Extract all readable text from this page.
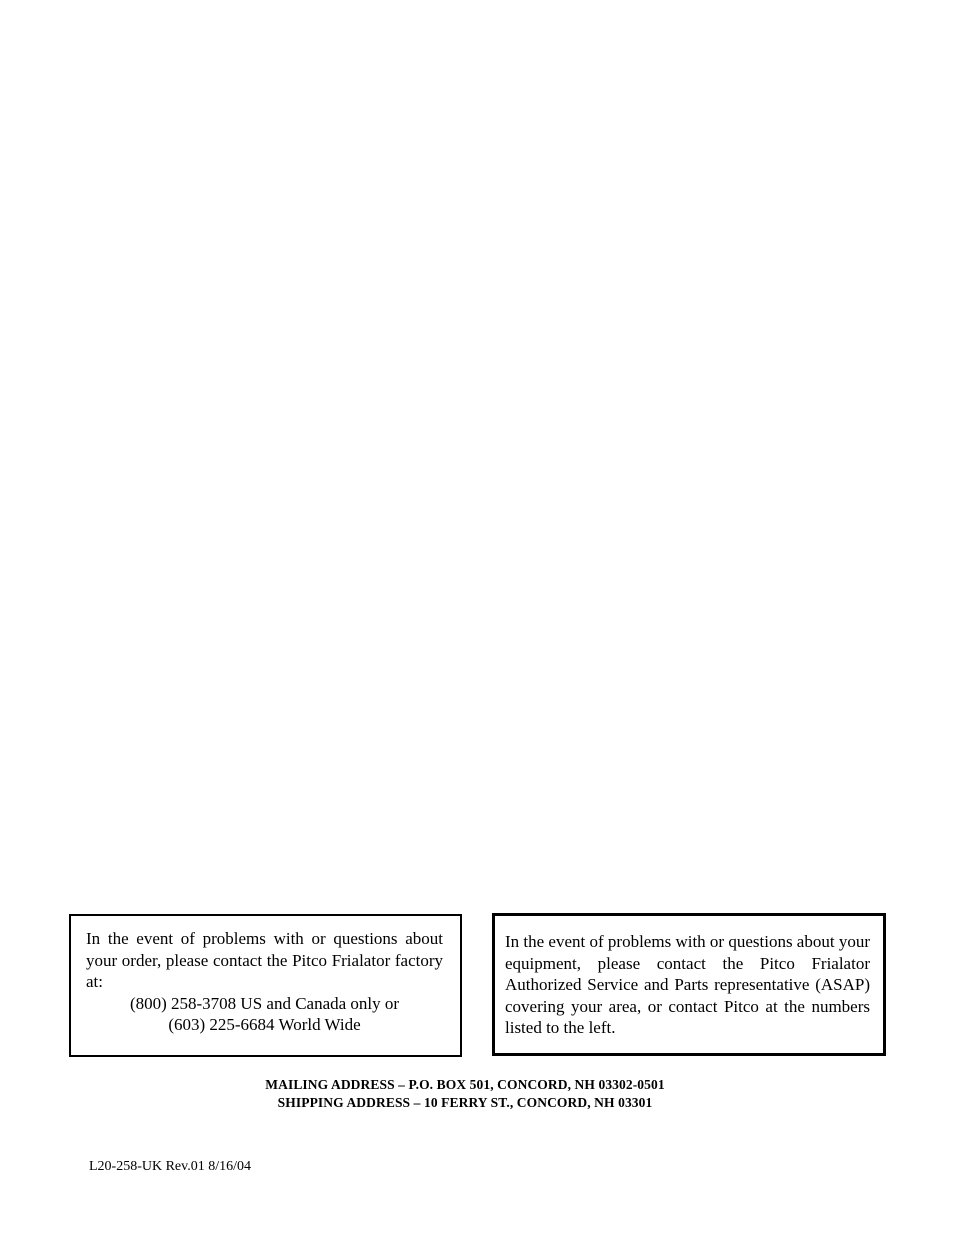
In the event of problems with or questions about your order, please contact the Pitco Frialator factory at:

(800) 258-3708 US and Canada only or
(603) 225-6684 World Wide

In the event of problems with or questions about your equipment, please contact the Pitco Frialator Authorized Service and Parts representative (ASAP) covering your area, or contact Pitco at the numbers listed to the left.

MAILING ADDRESS – P.O. BOX 501, CONCORD, NH 03302-0501
SHIPPING ADDRESS – 10 FERRY ST., CONCORD, NH 03301
L20-258-UK Rev.01 8/16/04
